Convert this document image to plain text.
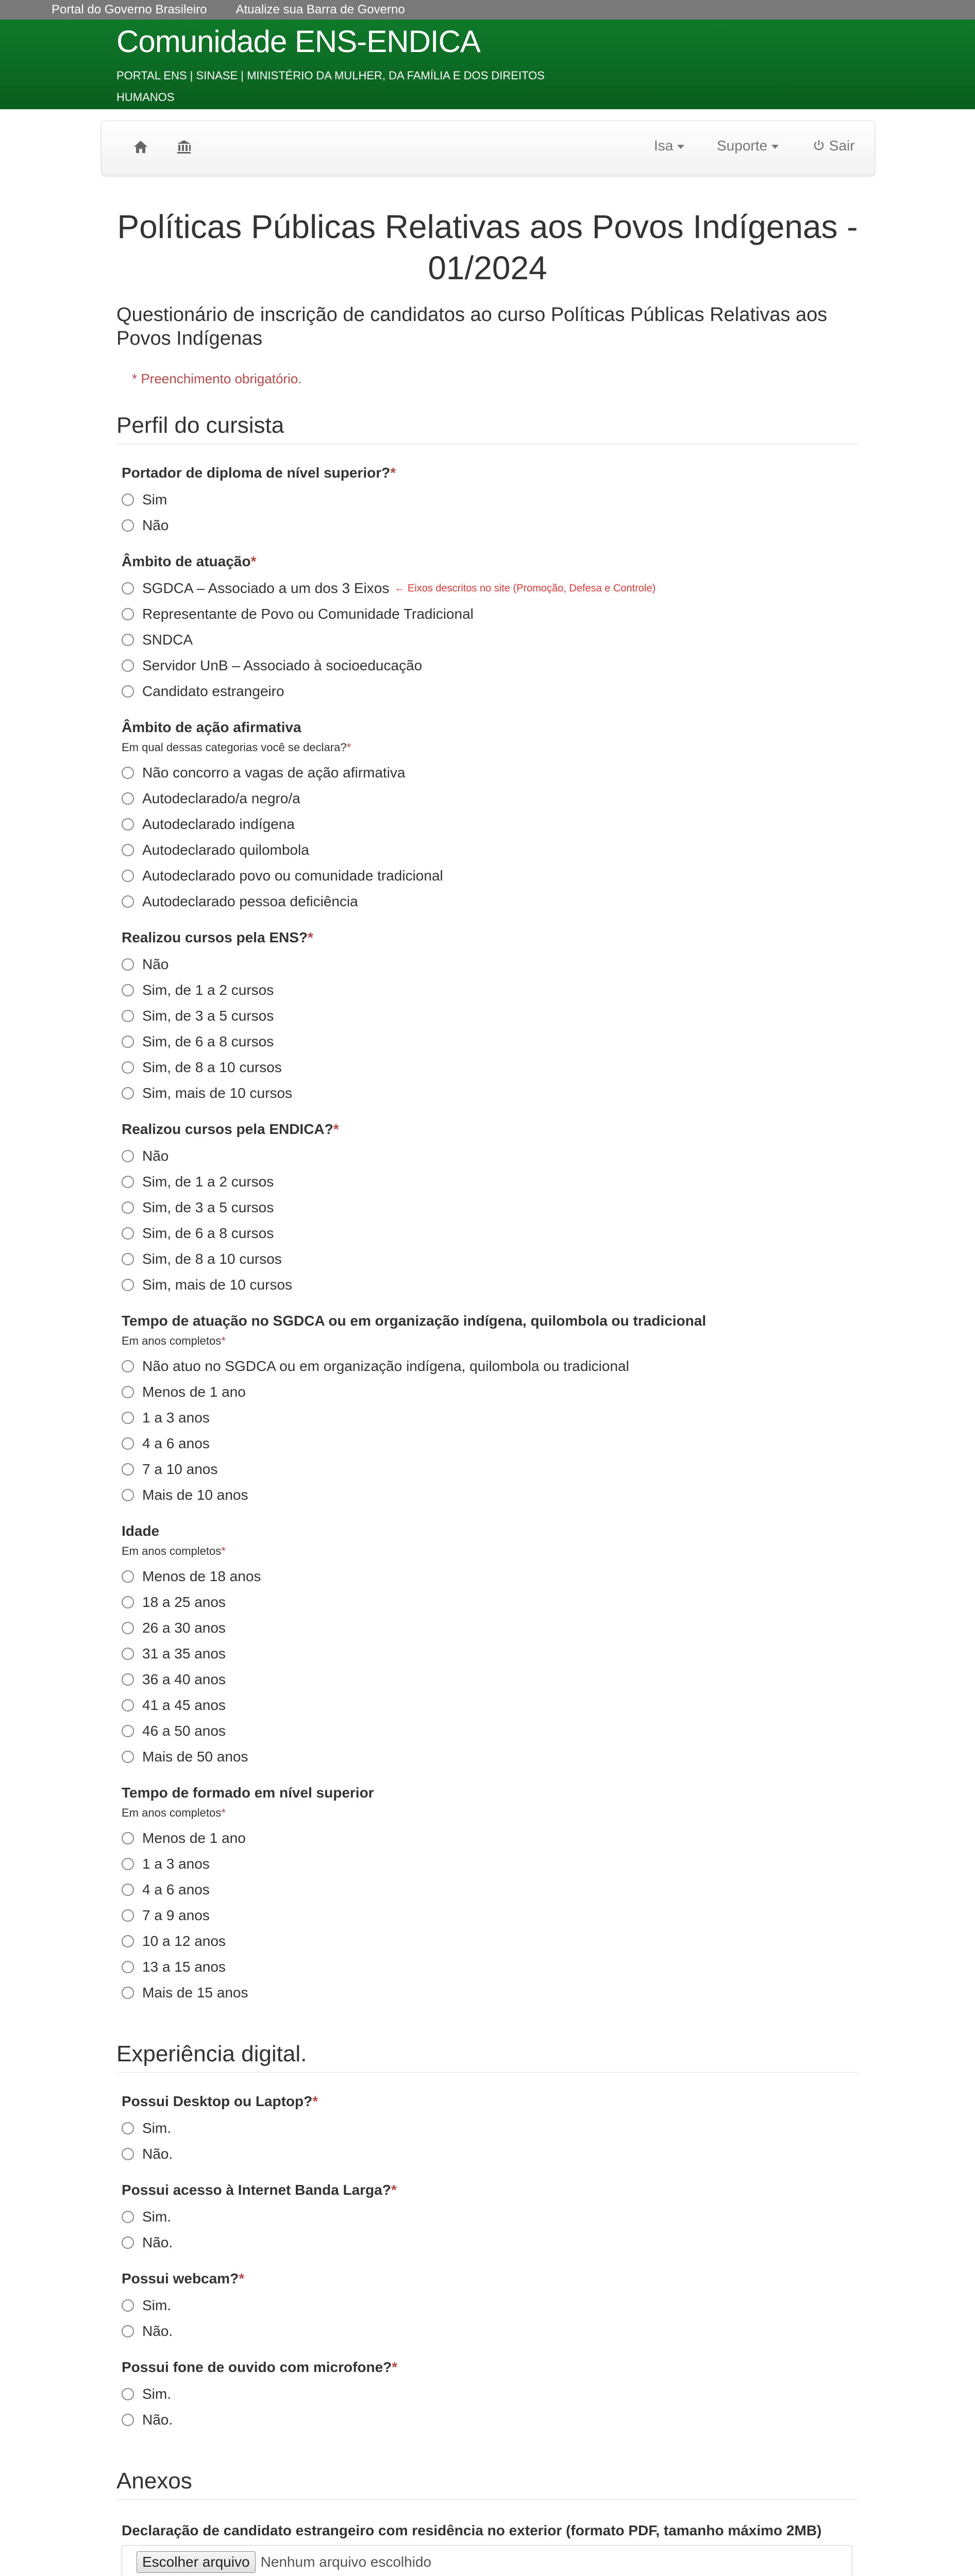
Portal do Governo Brasileiro Atualize sua Barra de Governo
Comunidade ENS-ENDICA
PORTAL ENS | SINASE | MINISTÉRIO DA MULHER, DA FAMÍLIA E DOS DIREITOS HUMANOS
Isa	Suporte	Sair
Políticas Públicas Relativas aos Povos Indígenas - 01/2024
Questionário de inscrição de candidatos ao curso Políticas Públicas Relativas aos Povos Indígenas
* Preenchimento obrigatório.
Perfil do cursista
Portador de diploma de nível superior?*
Sim
Não
Âmbito de atuação*
SGDCA – Associado a um dos 3 Eixos ← Eixos descritos no site (Promoção, Defesa e Controle)
Representante de Povo ou Comunidade Tradicional
SNDCA
Servidor UnB – Associado à socioeducação
Candidato estrangeiro
Âmbito de ação afirmativa
Em qual dessas categorias você se declara?*
Não concorro a vagas de ação afirmativa
Autodeclarado/a negro/a
Autodeclarado indígena
Autodeclarado quilombola
Autodeclarado povo ou comunidade tradicional
Autodeclarado pessoa deficiência
Realizou cursos pela ENS?*
Não
Sim, de 1 a 2 cursos
Sim, de 3 a 5 cursos
Sim, de 6 a 8 cursos
Sim, de 8 a 10 cursos
Sim, mais de 10 cursos
Realizou cursos pela ENDICA?*
Não
Sim, de 1 a 2 cursos
Sim, de 3 a 5 cursos
Sim, de 6 a 8 cursos
Sim, de 8 a 10 cursos
Sim, mais de 10 cursos
Tempo de atuação no SGDCA ou em organização indígena, quilombola ou tradicional
Em anos completos*
Não atuo no SGDCA ou em organização indígena, quilombola ou tradicional
Menos de 1 ano
1 a 3 anos
4 a 6 anos
7 a 10 anos
Mais de 10 anos
Idade
Em anos completos*
Menos de 18 anos
18 a 25 anos
26 a 30 anos
31 a 35 anos
36 a 40 anos
41 a 45 anos
46 a 50 anos
Mais de 50 anos
Tempo de formado em nível superior
Em anos completos*
Menos de 1 ano
1 a 3 anos
4 a 6 anos
7 a 9 anos
10 a 12 anos
13 a 15 anos
Mais de 15 anos
Experiência digital.
Possui Desktop ou Laptop?*
Sim.
Não.
Possui acesso à Internet Banda Larga?*
Sim.
Não.
Possui webcam?*
Sim.
Não.
Possui fone de ouvido com microfone?*
Sim.
Não.
Anexos
Declaração de candidato estrangeiro com residência no exterior (formato PDF, tamanho máximo 2MB)
Escolher arquivo Nenhum arquivo escolhido
